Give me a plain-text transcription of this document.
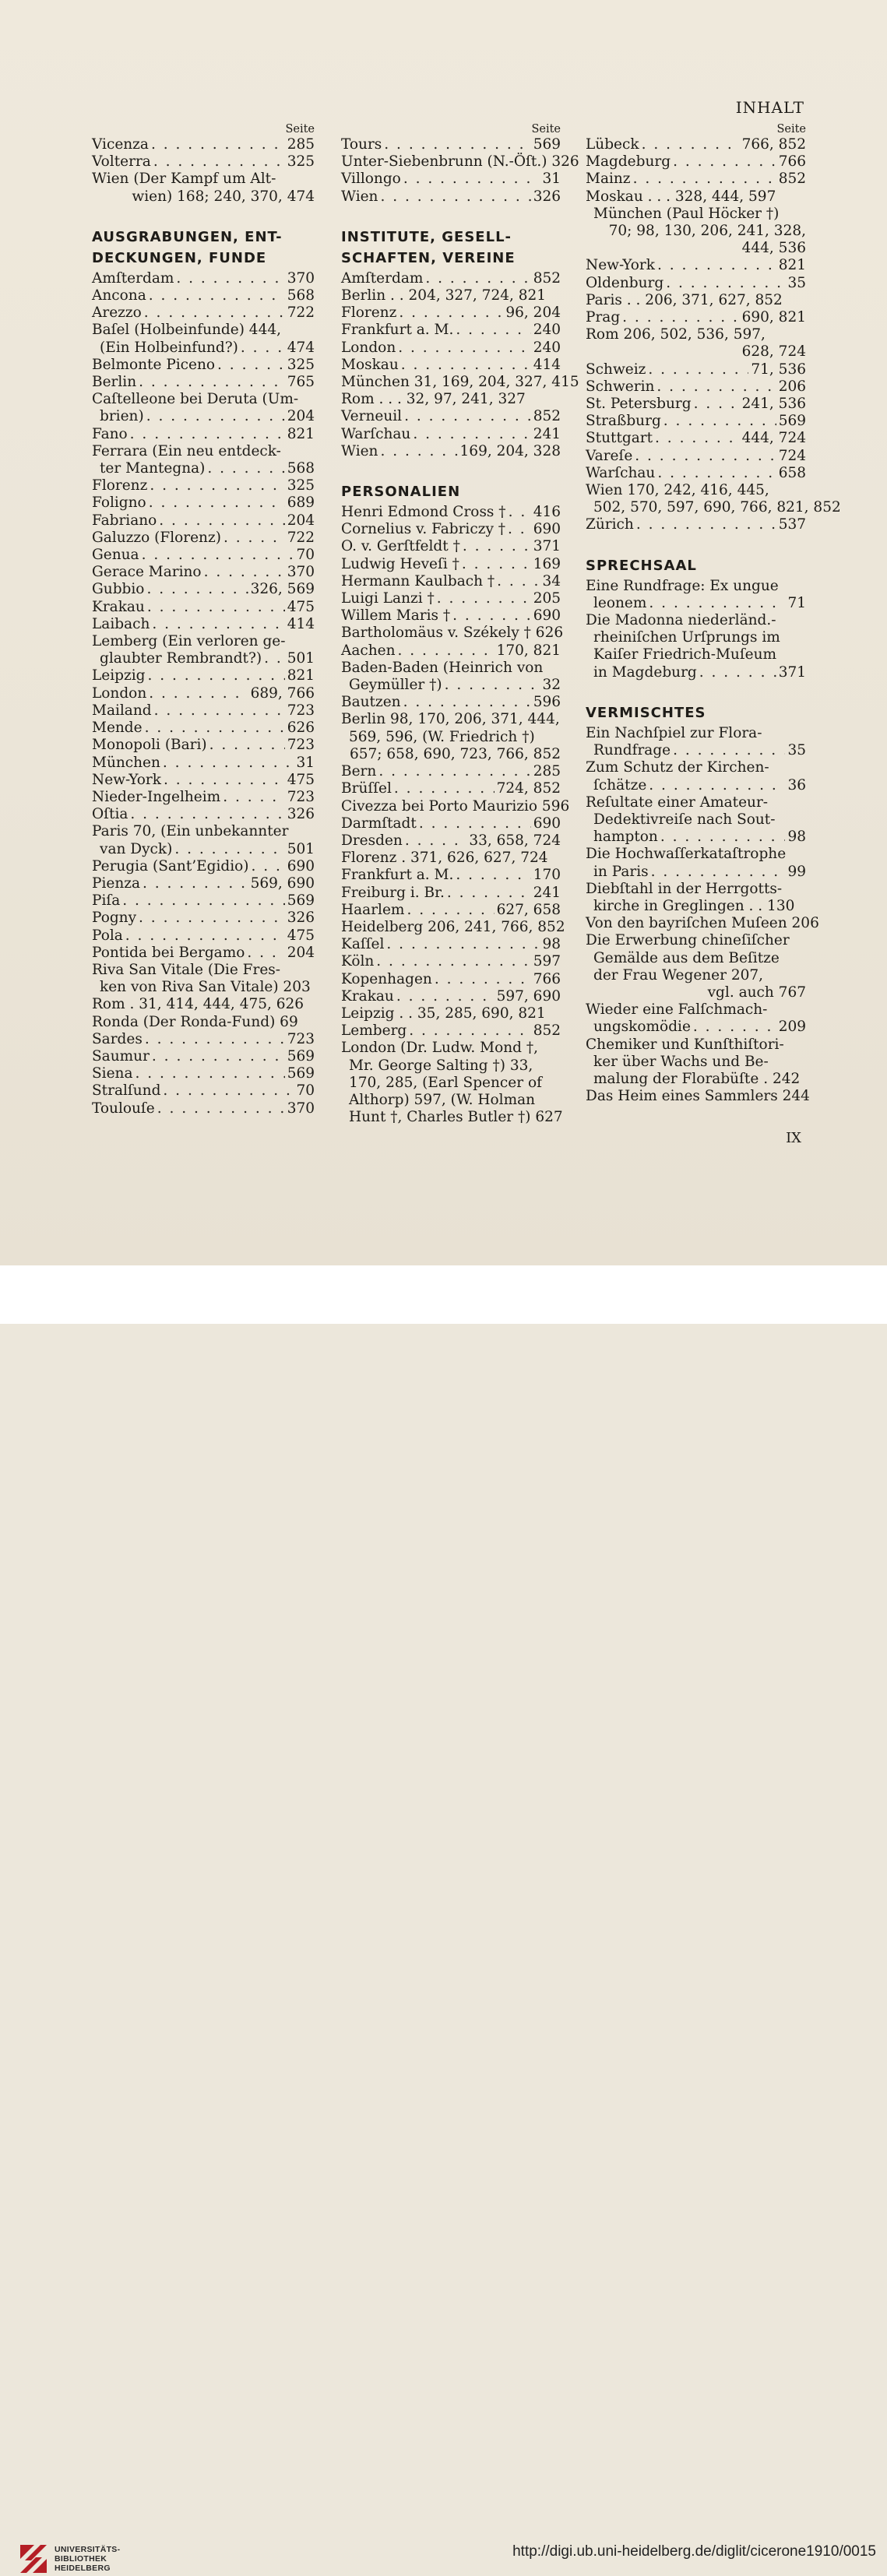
INHALT
Seite
Vicenza . . .	285
Volterra . . .	325
Wien (Der Kampf um Alt-
wien) 168; 240, 370, 474
AUSGRABUNGEN, ENT-
DECKUNGEN, FUNDE
Amſterdam . . .	370
Ancona . . .	568
Arezzo . . .	722
Baſel (Holbeinfunde) 444,
(Ein Holbeinfund?) . . .	474
Belmonte Piceno . . .	325
Berlin . . .	765
Caſtelleone bei Deruta (Um-
brien) . . .	204
Fano . . .	821
Ferrara (Ein neu entdeck-
ter Mantegna) . . .	568
Florenz . . .	325
Foligno . . .	689
Fabriano . . .	204
Galuzzo (Florenz) . . .	722
Genua . . .	70
Gerace Marino . . .	370
Gubbio . . .	326, 569
Krakau . . .	475
Laibach . . .	414
Lemberg (Ein verloren ge-
glaubter Rembrandt?) . . . 501
Leipzig . . .	821
London . . .	689, 766
Mailand . . .	723
Mende . . .	626
Monopoli (Bari) . . .	723
München . . .	31
New-York . . .	475
Nieder-Ingelheim . . .	723
Oſtia . . .	326
Paris 70, (Ein unbekannter
van Dyck) . . .	501
Perugia (Sant’Egidio) . . .	690
Pienza . . .	569, 690
Piſa . . .	569
Pogny . . .	326
Pola . . .	475
Pontida bei Bergamo . . .	204
Riva San Vitale (Die Fres-
ken von Riva San Vitale) 203
Rom . 31, 414, 444, 475, 626
Ronda (Der Ronda-Fund) 69
Sardes . . .	723
Saumur . . .	569
Siena . . .	569
Stralſund . . .	70
Toulouſe . . .	370
Seite
Tours . . .	569
Unter-Siebenbrunn (N.-Öſt.) 326
Villongo . . .	31
Wien . . .	326
INSTITUTE, GESELL-
SCHAFTEN, VEREINE
Amſterdam . . .	852
Berlin . . 204, 327, 724, 821
Florenz . . .	96, 204
Frankfurt a. M. . . .	240
London . . .	240
Moskau . . .	414
München 31, 169, 204, 327, 415
Rom . . . 32, 97, 241, 327
Verneuil . . .	852
Warſchau . . .	241
Wien . . .	169, 204, 328
PERSONALIEN
Henri Edmond Cross † . . . 416
Cornelius v. Fabriczy † . . . 690
O. v. Gerſtfeldt † . . .	371
Ludwig Heveſi † . . .	169
Hermann Kaulbach † . . .	34
Luigi Lanzi † . . .	205
Willem Maris † . . .	690
Bartholomäus v. Székely † 626
Aachen . . .	170, 821
Baden-Baden (Heinrich von
Geymüller †) . . .	32
Bautzen . . .	596
Berlin 98, 170, 206, 371, 444,
569, 596, (W. Friedrich †)
657; 658, 690, 723, 766, 852
Bern . . .	285
Brüſſel . . .	724, 852
Civezza bei Porto Maurizio 596
Darmſtadt . . .	690
Dresden . . .	33, 658, 724
Florenz . 371, 626, 627, 724
Frankfurt a. M. . . .	170
Freiburg i. Br. . . .	241
Haarlem . . .	627, 658
Heidelberg 206, 241, 766, 852
Kaſſel . . .	98
Köln . . .	597
Kopenhagen . . .	766
Krakau . . .	597, 690
Leipzig . . 35, 285, 690, 821
Lemberg . . .	852
London (Dr. Ludw. Mond †,
Mr. George Salting †) 33,
170, 285, (Earl Spencer of
Althorp) 597, (W. Holman
Hunt †, Charles Butler †) 627
Seite
Lübeck . . .	766, 852
Magdeburg . . .	766
Mainz . . .	852
Moskau . . . 328, 444, 597
München (Paul Höcker †)
70; 98, 130, 206, 241, 328,
444, 536
New-York . . .	821
Oldenburg . . .	35
Paris . . 206, 371, 627, 852
Prag . . .	690, 821
Rom 206, 502, 536, 597,
628, 724
Schweiz . . .	71, 536
Schwerin . . .	206
St. Petersburg . . .	241, 536
Straßburg . . .	569
Stuttgart . . .	444, 724
Vareſe . . .	724
Warſchau . . .	658
Wien 170, 242, 416, 445,
502, 570, 597, 690, 766, 821, 852
Zürich . . .	537
SPRECHSAAL
Eine Rundfrage: Ex ungue
leonem . . .	71
Die Madonna niederländ.-
rheiniſchen Urſprungs im
Kaiſer Friedrich-Muſeum
in Magdeburg . . .	371
VERMISCHTES
Ein Nachſpiel zur Flora-
Rundfrage . . .	35
Zum Schutz der Kirchen-
ſchätze . . .	36
Reſultate einer Amateur-
Dedektivreiſe nach Sout-
hampton . . .	98
Die Hochwaſſerkataſtrophe
in Paris . . .	99
Diebſtahl in der Herrgotts-
kirche in Greglingen . . 130
Von den bayriſchen Muſeen 206
Die Erwerbung chineſiſcher
Gemälde aus dem Beſitze
der Frau Wegener 207,
vgl. auch 767
Wieder eine Falſchmach-
ungskomödie . . .	209
Chemiker und Kunſthiſtori-
ker über Wachs und Be-
malung der Florabüſte . 242
Das Heim eines Sammlers 244
IX
UNIVERSITÄTS-
BIBLIOTHEK
HEIDELBERG
http://digi.ub.uni-heidelberg.de/diglit/cicerone1910/0015
